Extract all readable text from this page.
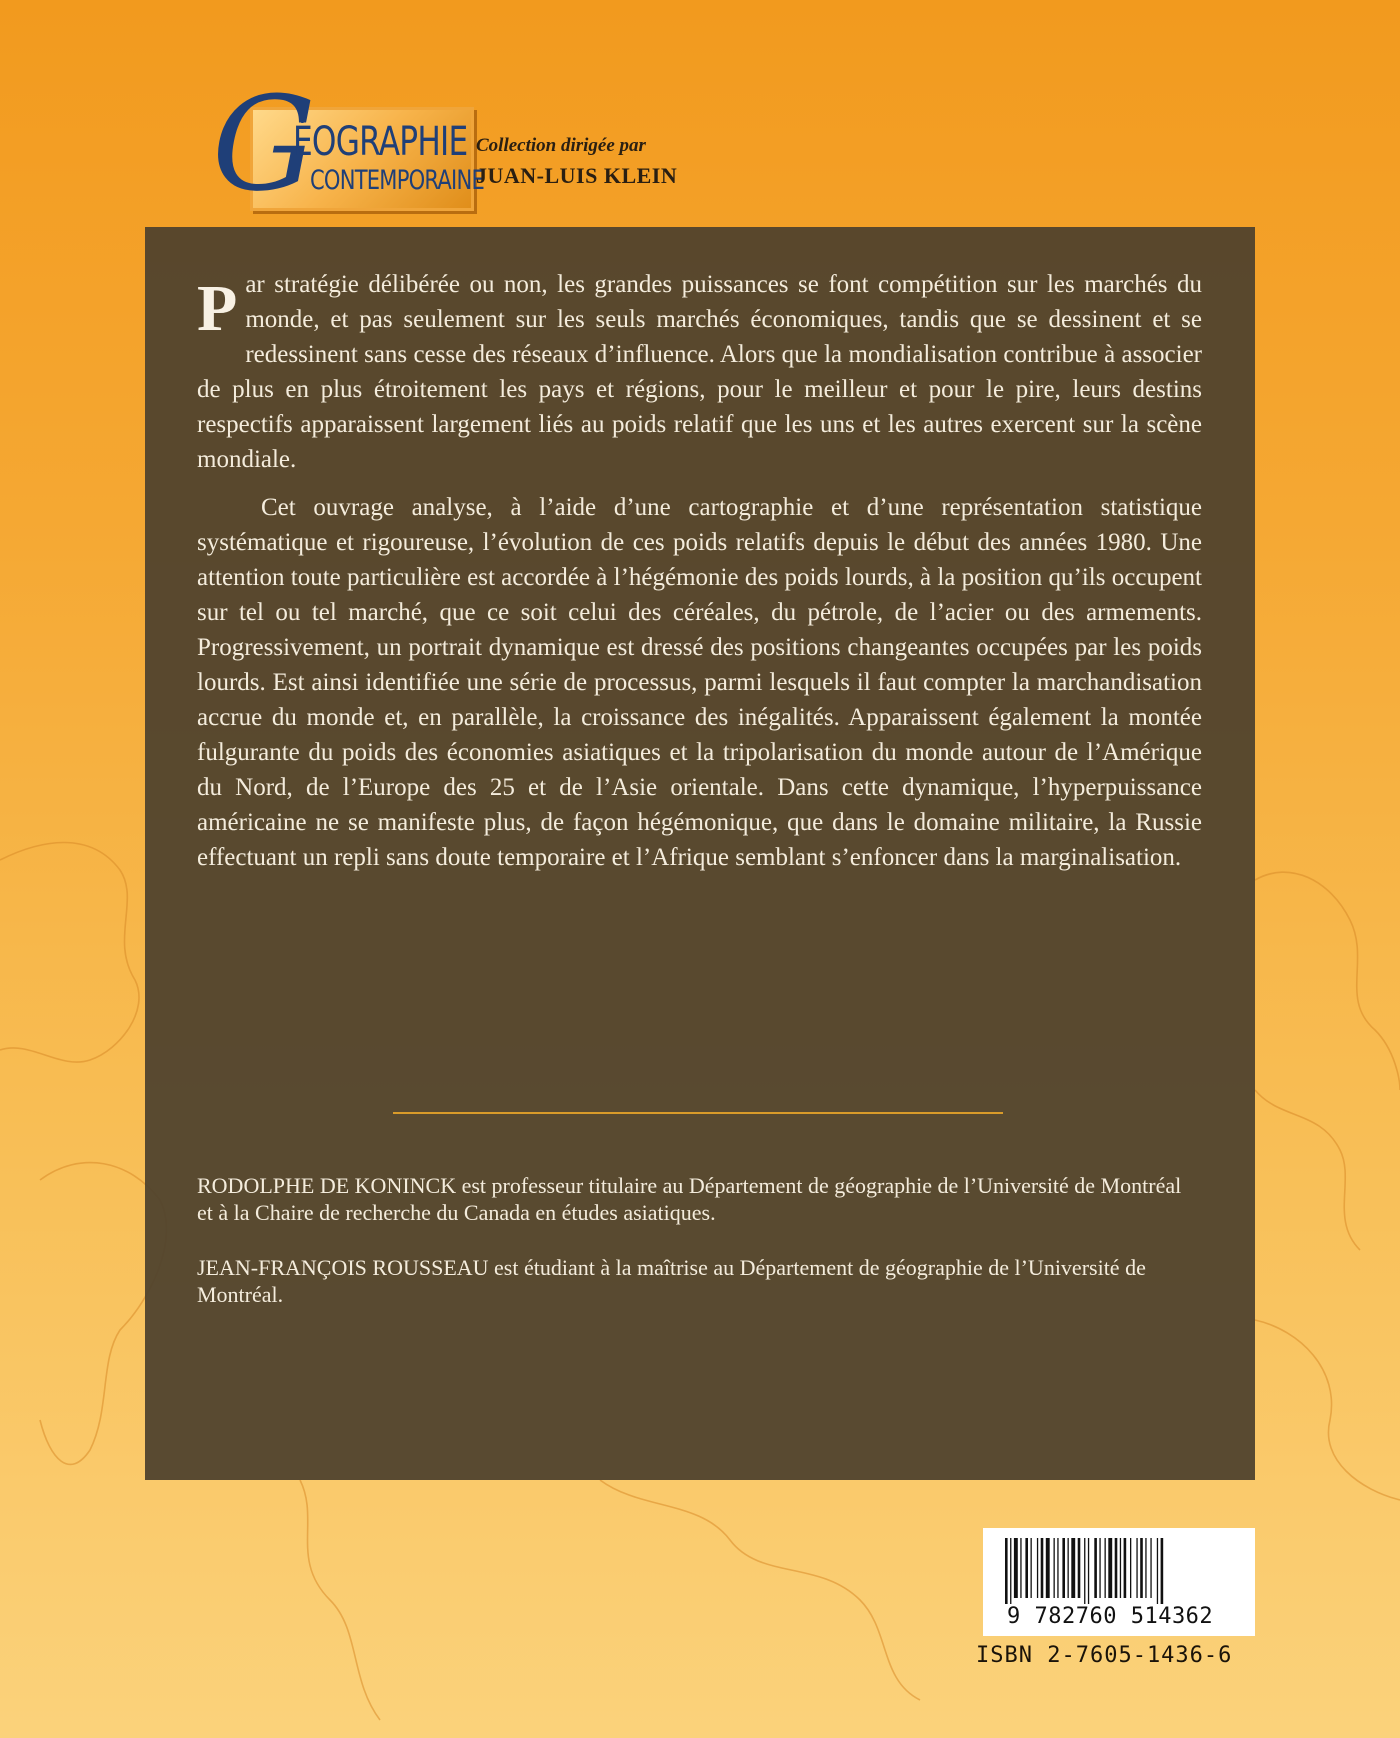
G
ÉOGRAPHIE
CONTEMPORAINE
Collection dirigée par
JUAN-LUIS KLEIN

Par stratégie délibérée ou non, les grandes puissances se font compétition sur les marchés du monde, et pas seulement sur les seuls marchés économiques, tandis que se dessinent et se redessinent sans cesse des réseaux d’influence. Alors que la mondialisation contribue à associer de plus en plus étroitement les pays et régions, pour le meilleur et pour le pire, leurs destins respectifs apparaissent largement liés au poids relatif que les uns et les autres exercent sur la scène mondiale.

Cet ouvrage analyse, à l’aide d’une cartographie et d’une représentation statistique systématique et rigoureuse, l’évolution de ces poids relatifs depuis le début des années 1980. Une attention toute particulière est accordée à l’hégémonie des poids lourds, à la position qu’ils occupent sur tel ou tel marché, que ce soit celui des céréales, du pétrole, de l’acier ou des armements. Progressivement, un portrait dynamique est dressé des positions changeantes occupées par les poids lourds. Est ainsi identifiée une série de processus, parmi lesquels il faut compter la marchandisation accrue du monde et, en parallèle, la croissance des inégalités. Apparaissent également la montée fulgurante du poids des économies asiatiques et la tripolarisation du monde autour de l’Amérique du Nord, de l’Europe des 25 et de l’Asie orientale. Dans cette dynamique, l’hyperpuissance américaine ne se manifeste plus, de façon hégémonique, que dans le domaine militaire, la Russie effectuant un repli sans doute temporaire et l’Afrique semblant s’enfoncer dans la marginalisation.

RODOLPHE DE KONINCK est professeur titulaire au Département de géographie de l’Université de Montréal et à la Chaire de recherche du Canada en études asiatiques.

JEAN-FRANÇOIS ROUSSEAU est étudiant à la maîtrise au Département de géographie de l’Université de Montréal.

9 782760 514362
ISBN 2-7605-1436-6
